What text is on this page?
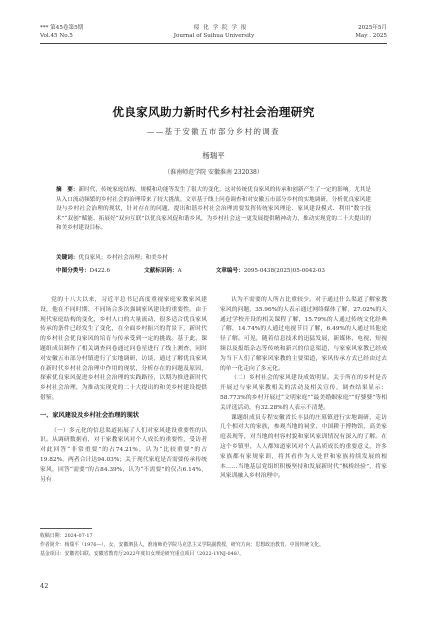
*** 第45卷第5期	绥 化 学 院 学 报	2025年5月
Vol.45 No.5	Journal of Suihua University	May . 2025
优良家风助力新时代乡村社会治理研究
——基于安徽五市部分乡村的调查
杨瑞平
（淮南师范学院 安徽淮南 232038）
摘　要：新时代，传统家庭结构、规模和功能等发生了很大的变化，这对传统优良家风的传承和创新产生了一定的影响。尤其是从入口流动频繁的乡村社会的治理带来了较大挑战。文章基于线上问卷调查和对安徽五市部分乡村的实地调研，分析优良家风建设与乡村社会治理的现状，针对存在的问题，提出和谐乡村社会治理需要发挥传统家风理论、家风建设模式、利用“数字技术”“双创”赋能、拓展好“双向互联”以优良家风促和谐乡风，为乡村社会这一更发展提供精神动力，推动实现党的二十大提出的和美乡村建设目标。
关键词：优良家风；乡村社会治理；和美乡村
中图分类号：D422.6	文献标识码：A	文章编号：2095-0438(2025)05-0042-03

党的十八大以来，习近平总书记高度重视家庭家教家风建设，他在不同时期、不同场合多次强调家风建设的重要性。由于现代家庭结构的变化，乡村人口的大量流动，很多适合优良家风传承的条件已经发生了变化，在全面乡村振兴的背景下，新时代的乡村社会优良家风的培育与传承受到一定的挑战。基于此，课题组成员制作了相关调查问卷通过问卷星进行了线上测查，同时对安徽五市部分村镇进行了实地调研，访谈，通过了解优良家风在新时代乡村社会治理中作用的现状，分析存在的问题及原因，探索优良家风促进乡村社会治理的实践路径，以期为推进新时代乡村社会治理，为推动实现党的二十大提出的和美乡村建设提供借鉴。

一、家风建设及乡村社会治理的现状

（一）多元化的信息渠道拓展了人们对家风建设重要性的认识。从调研数据看，对于家教家风对个人成长的重要性，受访者对此回答“非常重要”的占74.21%，认为“比较重要”的占19.82%，两者合计达94.03%；关于现代家庭是否需要传承传统家风，回答“需要”的占84.39%，认为“不需要”的仅占6.14%，另有

认为不需要的人所占比重较少。对于通过什么渠道了解家教家风的问题，35.96%的人表示通过网络媒体了解，27.02%的人通过学校开设的相关课程了解，15.79%的人通过传统文化经典了解，14.74%的人通过电视节目了解，6.49%的人通过其他途径了解。可见，随着信息技术的迅猛发展，新媒体、电视、短视频以及报纸杂志等传统和新兴的信息渠道，与家家风家教已经成为当下人们了解家风家教的主要渠道，家风传承方式已经由过去的单一化走向了多元化。

（二）乡村社会的家风建设成效明显。关于所在的乡村是否开展过与家风家教相关的活动及相关宣传，调查结果显示：58.773%的乡村开展过“文明家庭”“最美婚姻家庭”“好婆婆”等相关评选活动，有32.28%的人表示不清楚。

课题组成员专程安徽省长丰县的庄墓镇进行实地调研，走访几个相对大的家族，参观当地的祠堂、中国耕于博物馆，高美家庭表现等，对当地的村容村貌和家风家训情况有深入的了解。在这个乡镇里，人人都知道家风对个人品质成长的重要意义，许多家族都有家规家训，将其看作为人处世和家族持续发展的根本……当地基层党组织积极坚持和发展新时代“枫桥经验”，将家风家训融入乡村治理中。

收稿日期：2024-07-17
作者简介：杨瑞平（1976—），女，安徽泗县人，淮南师范学院马克思主义学院副教授，研究方向：思想政治教育、中国传统文化。
基金项目：安徽省妇联、安徽省教育厅2022年度妇女理论研究重点项目（2022-1YNJ-048）。
42
